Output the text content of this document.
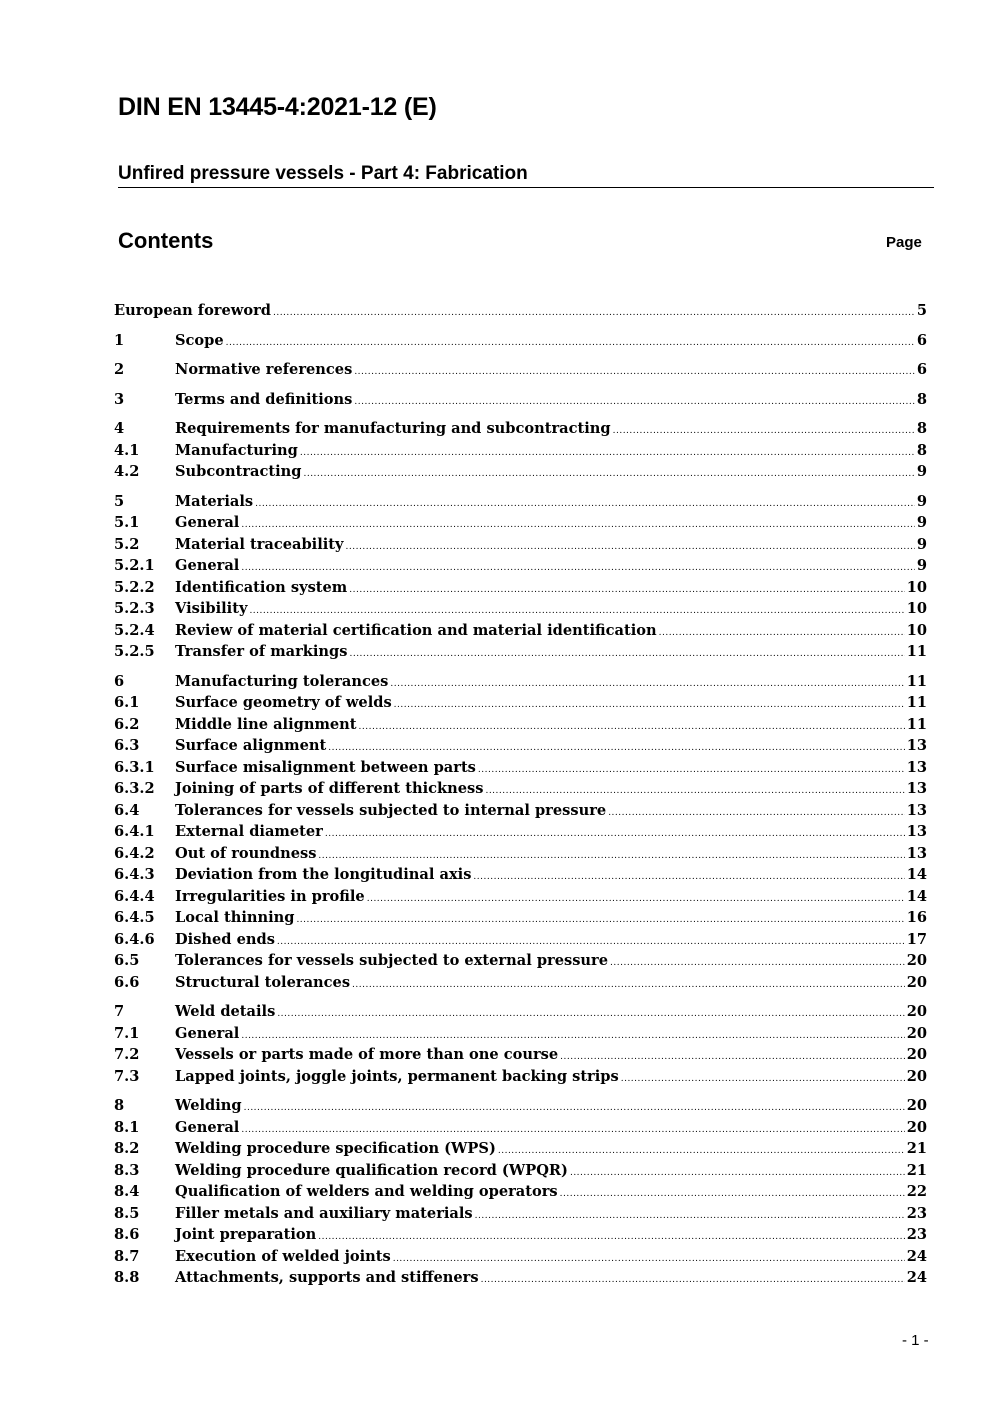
DIN EN 13445-4:2021-12 (E)
Unfired pressure vessels - Part 4: Fabrication
Contents	Page
European foreword .....	5
1	Scope .....	6
2	Normative references .....	6
3	Terms and definitions .....	8
4	Requirements for manufacturing and subcontracting .....	8
4.1 Manufacturing .....	8
4.2 Subcontracting .....	9
5	Materials .....	9
5.1 General .....	9
5.2 Material traceability .....	9
5.2.1 General .....	9
5.2.2 Identification system .....	10
5.2.3 Visibility .....	10
5.2.4 Review of material certification and material identification .....	10
5.2.5 Transfer of markings .....	11
6	Manufacturing tolerances .....	11
6.1 Surface geometry of welds .....	11
6.2 Middle line alignment .....	11
6.3 Surface alignment .....	13
6.3.1 Surface misalignment between parts .....	13
6.3.2 Joining of parts of different thickness .....	13
6.4 Tolerances for vessels subjected to internal pressure .....	13
6.4.1 External diameter .....	13
6.4.2 Out of roundness .....	13
6.4.3 Deviation from the longitudinal axis .....	14
6.4.4 Irregularities in profile .....	14
6.4.5 Local thinning .....	16
6.4.6 Dished ends .....	17
6.5 Tolerances for vessels subjected to external pressure .....	20
6.6 Structural tolerances .....	20
7	Weld details .....	20
7.1 General .....	20
7.2 Vessels or parts made of more than one course .....	20
7.3 Lapped joints, joggle joints, permanent backing strips .....	20
8	Welding .....	20
8.1 General .....	20
8.2 Welding procedure specification (WPS) .....	21
8.3 Welding procedure qualification record (WPQR) .....	21
8.4 Qualification of welders and welding operators .....	22
8.5 Filler metals and auxiliary materials .....	23
8.6 Joint preparation .....	23
8.7 Execution of welded joints .....	24
8.8 Attachments, supports and stiffeners .....	24
- 1 -
